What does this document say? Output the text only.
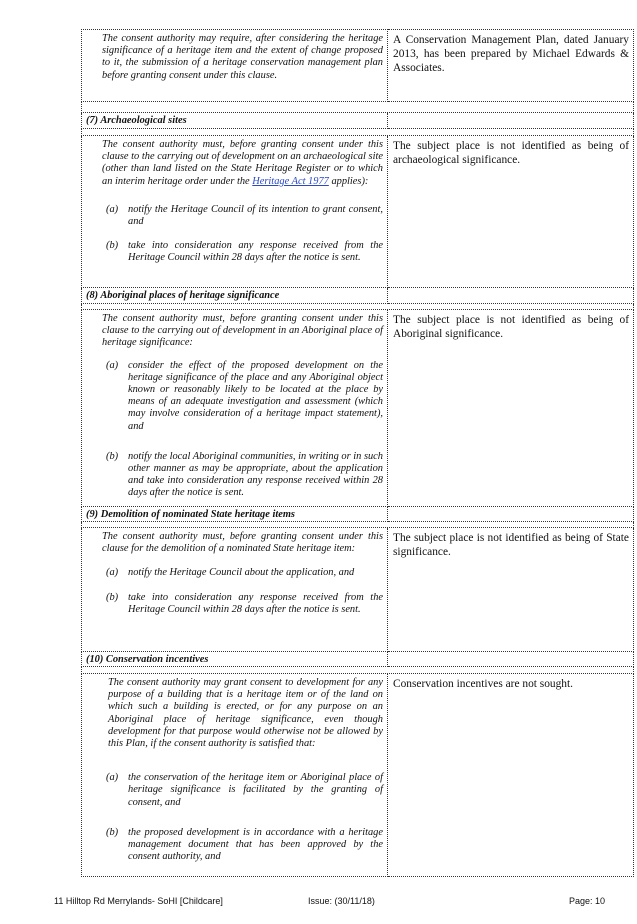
The consent authority may require, after considering the heritage significance of a heritage item and the extent of change proposed to it, the submission of a heritage conservation management plan before granting consent under this clause.	A Conservation Management Plan, dated January 2013, has been prepared by Michael Edwards & Associates.

(7) Archaeological sites	

The consent authority must, before granting consent under this clause to the carrying out of development on an archaeological site (other than land listed on the State Heritage Register or to which an interim heritage order under the Heritage Act 1977 applies):
(a) notify the Heritage Council of its intention to grant consent, and
(b) take into consideration any response received from the Heritage Council within 28 days after the notice is sent.	The subject place is not identified as being of archaeological significance.

(8) Aboriginal places of heritage significance	

The consent authority must, before granting consent under this clause to the carrying out of development in an Aboriginal place of heritage significance:
(a) consider the effect of the proposed development on the heritage significance of the place and any Aboriginal object known or reasonably likely to be located at the place by means of an adequate investigation and assessment (which may involve consideration of a heritage impact statement), and
(b) notify the local Aboriginal communities, in writing or in such other manner as may be appropriate, about the application and take into consideration any response received within 28 days after the notice is sent.	The subject place is not identified as being of Aboriginal significance.

(9) Demolition of nominated State heritage items	

The consent authority must, before granting consent under this clause for the demolition of a nominated State heritage item:
(a) notify the Heritage Council about the application, and
(b) take into consideration any response received from the Heritage Council within 28 days after the notice is sent.	The subject place is not identified as being of State significance.

(10) Conservation incentives	

The consent authority may grant consent to development for any purpose of a building that is a heritage item or of the land on which such a building is erected, or for any purpose on an Aboriginal place of heritage significance, even though development for that purpose would otherwise not be allowed by this Plan, if the consent authority is satisfied that:
(a) the conservation of the heritage item or Aboriginal place of heritage significance is facilitated by the granting of consent, and
(b) the proposed development is in accordance with a heritage management document that has been approved by the consent authority, and	Conservation incentives are not sought.
11 Hilltop Rd Merrylands- SoHI [Childcare]	Issue: (30/11/18)	Page: 10
